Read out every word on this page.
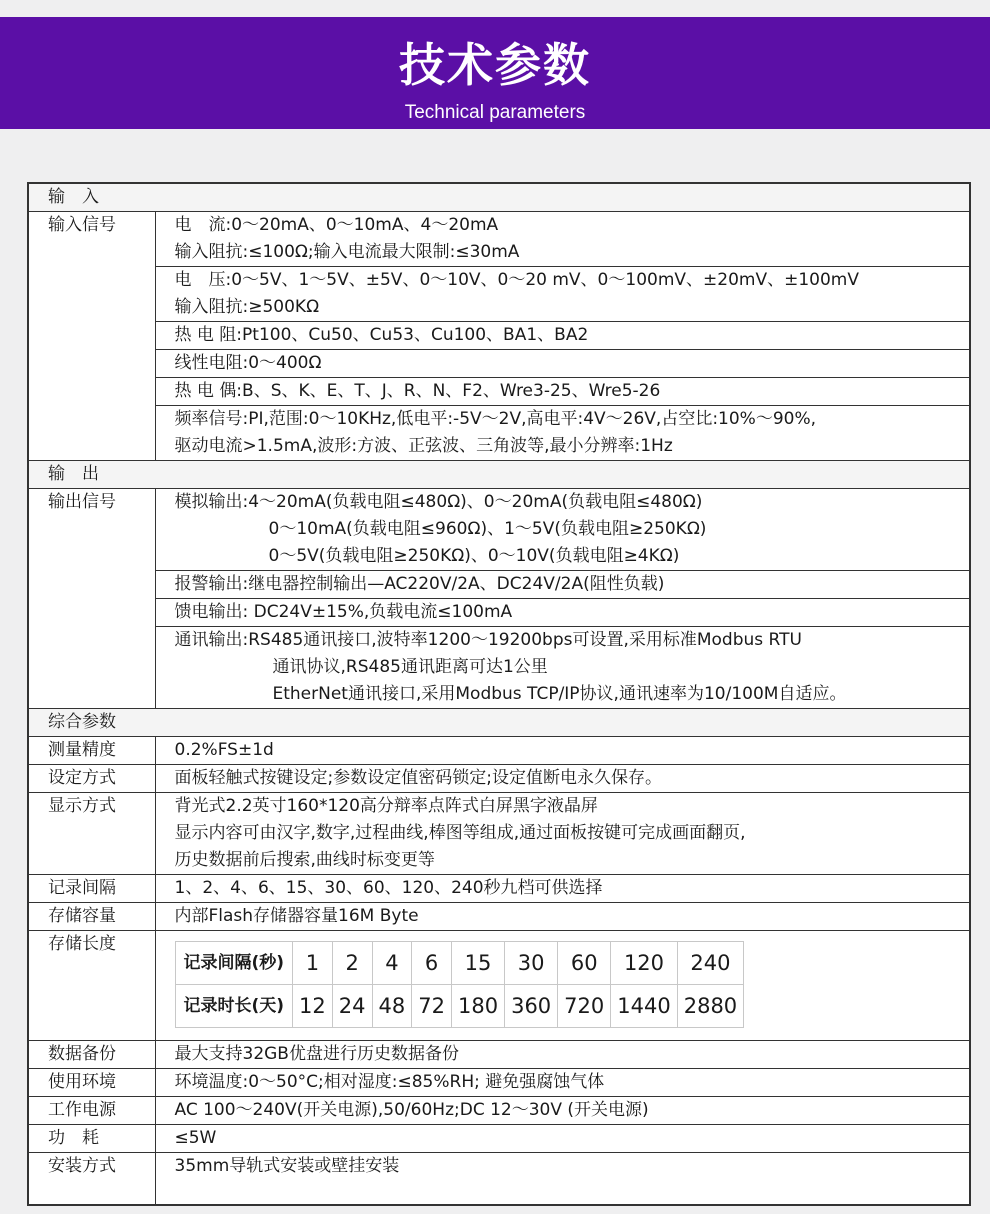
技术参数
Technical parameters
输　入
输入信号	电　流:0～20mA、0～10mA、4～20mA
输入阻抗:≤100Ω;输入电流最大限制:≤30mA

电　压:0～5V、1～5V、±5V、0～10V、0～20 mV、0～100mV、±20mV、±100mV
输入阻抗:≥500KΩ

热 电 阻:Pt100、Cu50、Cu53、Cu100、BA1、BA2
线性电阻:0～400Ω
热 电 偶:B、S、K、E、T、J、R、N、F2、Wre3-25、Wre5-26

频率信号:PI,范围:0～10KHz,低电平:-5V～2V,高电平:4V～26V,占空比:10%～90%,
驱动电流>1.5mA,波形:方波、正弦波、三角波等,最小分辨率:1Hz

输　出
输出信号	模拟输出:4～20mA(负载电阻≤480Ω)、0～20mA(负载电阻≤480Ω)
0～10mA(负载电阻≤960Ω)、1～5V(负载电阻≥250KΩ)
0～5V(负载电阻≥250KΩ)、0～10V(负载电阻≥4KΩ)

报警输出:继电器控制输出—AC220V/2A、DC24V/2A(阻性负载)
馈电输出: DC24V±15%,负载电流≤100mA

通讯输出:RS485通讯接口,波特率1200～19200bps可设置,采用标准Modbus RTU
通讯协议,RS485通讯距离可达1公里
EtherNet通讯接口,采用Modbus TCP/IP协议,通讯速率为10/100M自适应。

综合参数
测量精度	0.2%FS±1d
设定方式	面板轻触式按键设定;参数设定值密码锁定;设定值断电永久保存。
显示方式	背光式2.2英寸160*120高分辩率点阵式白屏黑字液晶屏
显示内容可由汉字,数字,过程曲线,棒图等组成,通过面板按键可完成画面翻页,
历史数据前后搜索,曲线时标变更等

记录间隔	1、2、4、6、15、30、60、120、240秒九档可供选择
存储容量	内部Flash存储器容量16M Byte
存储长度	
记录间隔(秒)	1	2	4	6	15	30	60	120	240
记录时长(天)	12	24	48	72	180	360	720	1440	2880

数据备份	最大支持32GB优盘进行历史数据备份
使用环境	环境温度:0～50°C;相对湿度:≤85%RH; 避免强腐蚀气体
工作电源	AC 100～240V(开关电源),50/60Hz;DC 12～30V (开关电源)
功　耗	≤5W
安装方式	35mm导轨式安装或壁挂安装
